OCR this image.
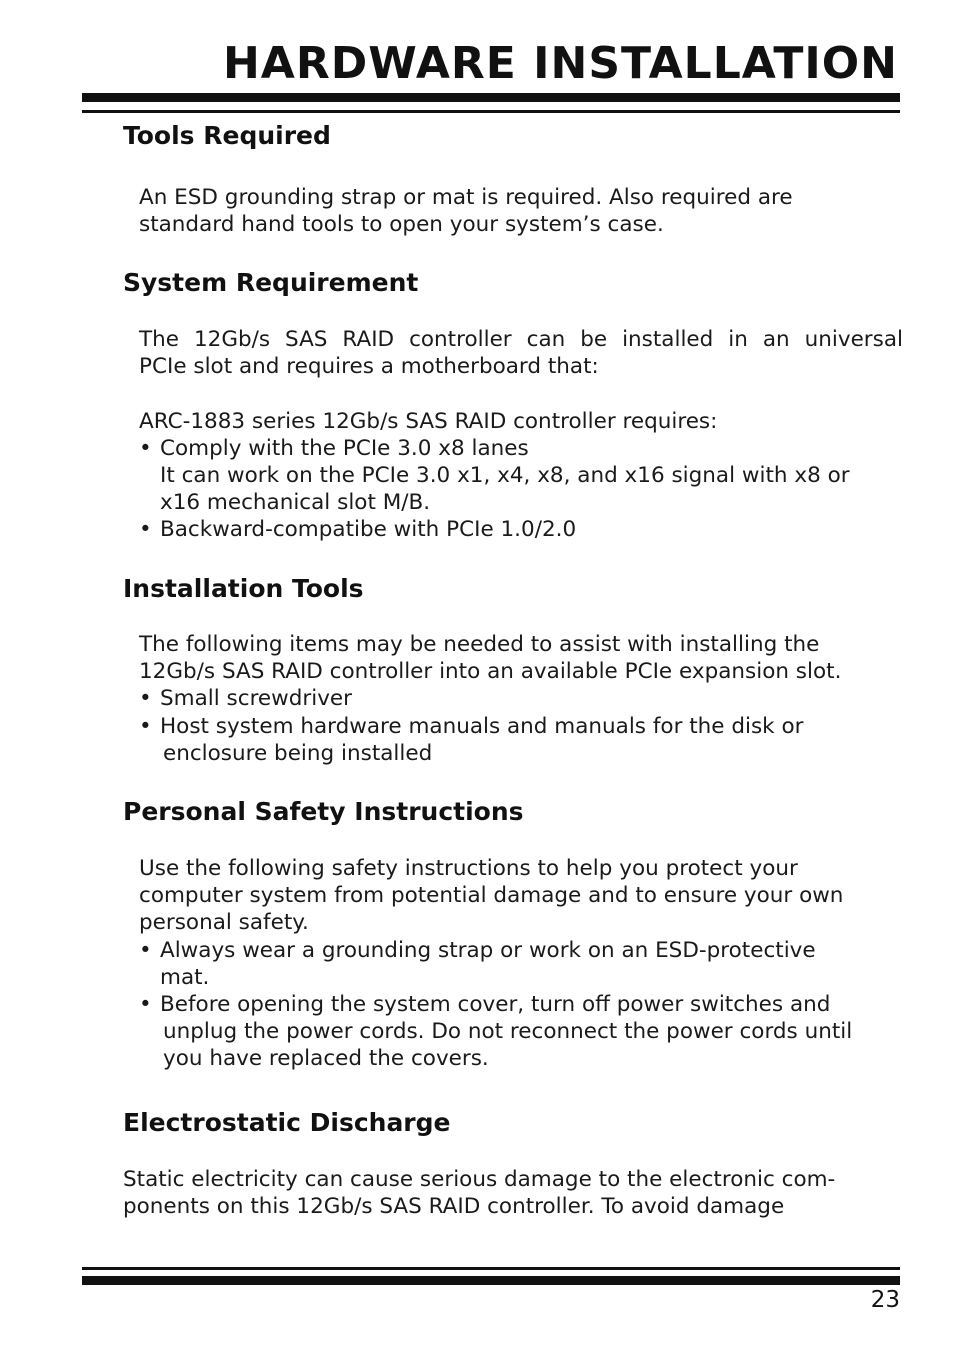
HARDWARE INSTALLATION
Tools Required
An ESD grounding strap or mat is required. Also required are
standard hand tools to open your system’s case.
System Requirement
The 12Gb/s SAS RAID controller can be installed in an universal
PCIe slot and requires a motherboard that:

ARC-1883 series 12Gb/s SAS RAID controller requires:
• Comply with the PCIe 3.0 x8 lanes
It can work on the PCIe 3.0 x1, x4, x8, and x16 signal with x8 or
x16 mechanical slot M/B.
• Backward-compatibe with PCIe 1.0/2.0
Installation Tools
The following items may be needed to assist with installing the
12Gb/s SAS RAID controller into an available PCIe expansion slot.
• Small screwdriver
• Host system hardware manuals and manuals for the disk or
enclosure being installed
Personal Safety Instructions
Use the following safety instructions to help you protect your
computer system from potential damage and to ensure your own
personal safety.
• Always wear a grounding strap or work on an ESD-protective
mat.
• Before opening the system cover, turn off power switches and
unplug the power cords. Do not reconnect the power cords until
you have replaced the covers.
Electrostatic Discharge
Static electricity can cause serious damage to the electronic com-
ponents on this 12Gb/s SAS RAID controller. To avoid damage
23
